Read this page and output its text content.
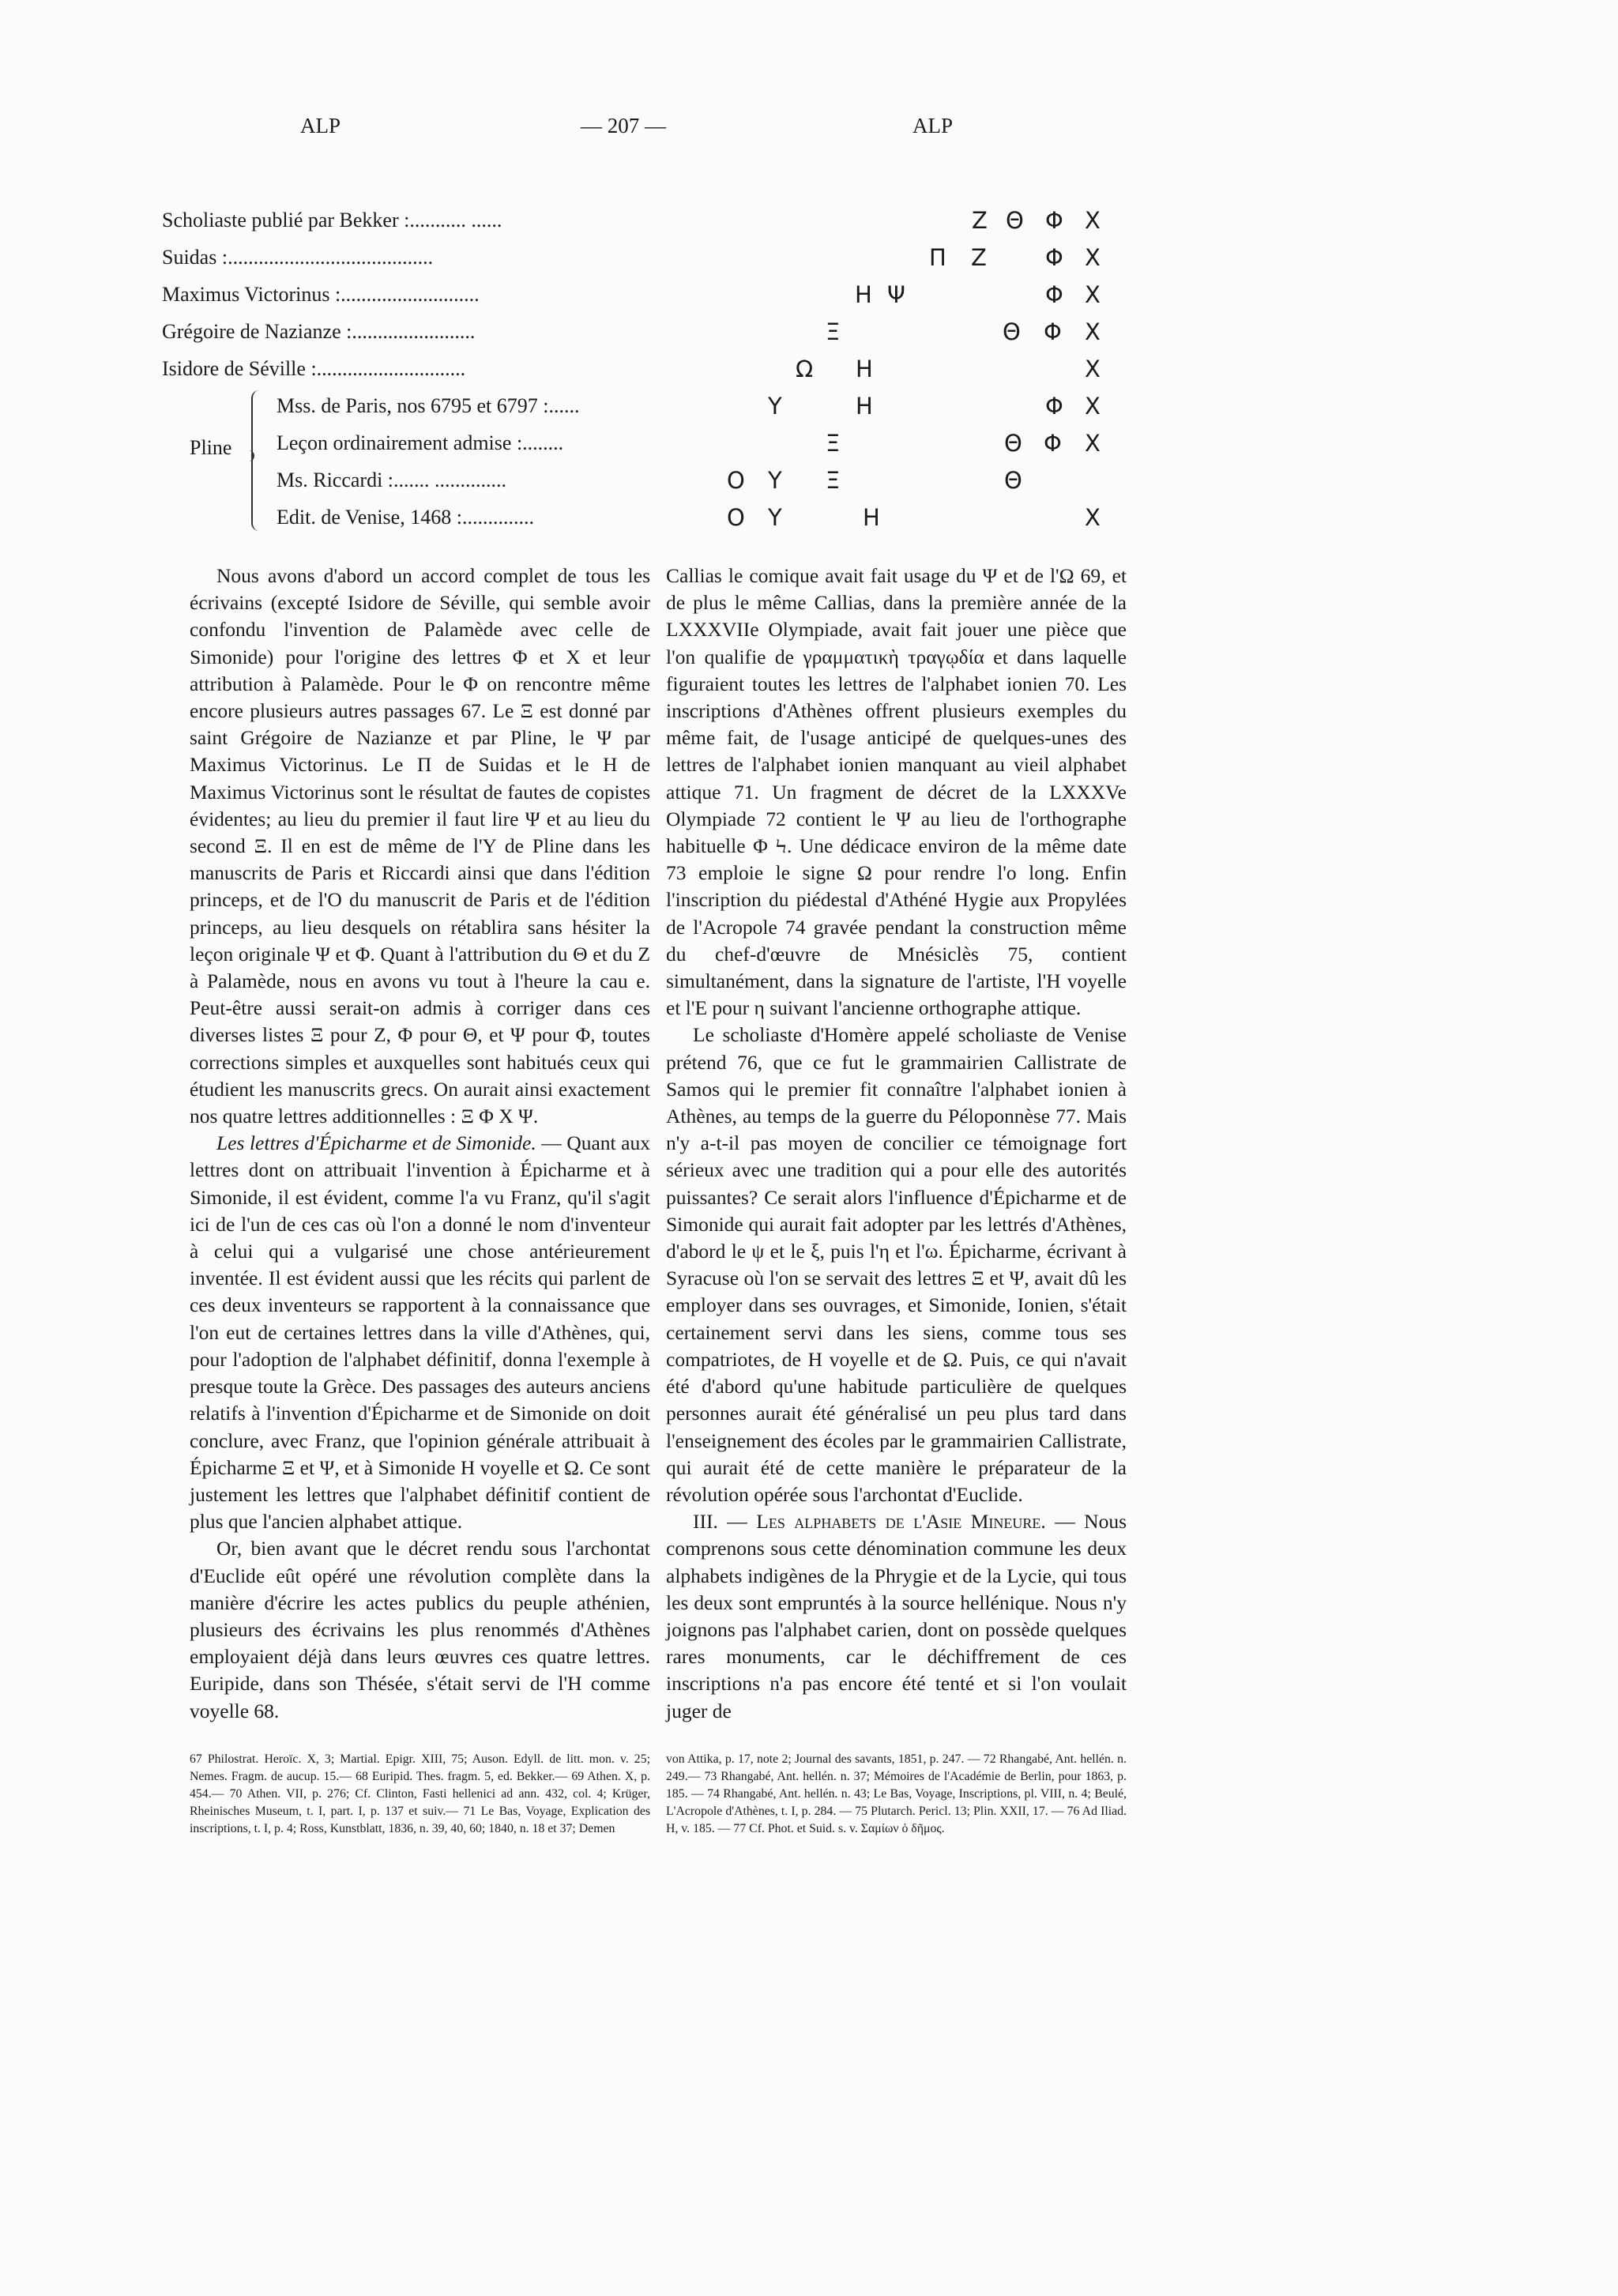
ALP	— 207 —	ALP
Scholiaste publié par Bekker :........... ......	Z Θ Φ X
Suidas :........................................	Π Z	Φ X
Maximus Victorinus :...........................	H Ψ	Φ X
Grégoire de Nazianze :........................	Ξ	Θ Φ X
Isidore de Séville :.............................	Ω H	X
Mss. de Paris, nos 6795 et 6797 :......	Y	H	Φ X
Leçon ordinairement admise :........	Ξ	Θ Φ X
Ms. Riccardi :....... ..............	O Y Ξ	Θ
Edit. de Venise, 1468 :..............	O Y	H	X
Pline

Nous avons d'abord un accord complet de tous les écrivains (excepté Isidore de Séville, qui semble avoir confondu l'invention de Palamède avec celle de Simonide) pour l'origine des lettres Φ et X et leur attribution à Palamède. Pour le Φ on rencontre même encore plusieurs autres passages 67. Le Ξ est donné par saint Grégoire de Nazianze et par Pline, le Ψ par Maximus Victorinus. Le Π de Suidas et le H de Maximus Victorinus sont le résultat de fautes de copistes évidentes; au lieu du premier il faut lire Ψ et au lieu du second Ξ. Il en est de même de l'Y de Pline dans les manuscrits de Paris et Riccardi ainsi que dans l'édition princeps, et de l'O du manuscrit de Paris et de l'édition princeps, au lieu desquels on rétablira sans hésiter la leçon originale Ψ et Φ. Quant à l'attribution du Θ et du Z à Palamède, nous en avons vu tout à l'heure la cau e. Peut-être aussi serait-on admis à corriger dans ces diverses listes Ξ pour Z, Φ pour Θ, et Ψ pour Φ, toutes corrections simples et auxquelles sont habitués ceux qui étudient les manuscrits grecs. On aurait ainsi exactement nos quatre lettres additionnelles : Ξ Φ X Ψ.

Les lettres d'Épicharme et de Simonide. — Quant aux lettres dont on attribuait l'invention à Épicharme et à Simonide, il est évident, comme l'a vu Franz, qu'il s'agit ici de l'un de ces cas où l'on a donné le nom d'inventeur à celui qui a vulgarisé une chose antérieurement inventée. Il est évident aussi que les récits qui parlent de ces deux inventeurs se rapportent à la connaissance que l'on eut de certaines lettres dans la ville d'Athènes, qui, pour l'adoption de l'alphabet définitif, donna l'exemple à presque toute la Grèce. Des passages des auteurs anciens relatifs à l'invention d'Épicharme et de Simonide on doit conclure, avec Franz, que l'opinion générale attribuait à Épicharme Ξ et Ψ, et à Simonide H voyelle et Ω. Ce sont justement les lettres que l'alphabet définitif contient de plus que l'ancien alphabet attique.

Or, bien avant que le décret rendu sous l'archontat d'Euclide eût opéré une révolution complète dans la manière d'écrire les actes publics du peuple athénien, plusieurs des écrivains les plus renommés d'Athènes employaient déjà dans leurs œuvres ces quatre lettres. Euripide, dans son Thésée, s'était servi de l'H comme voyelle 68.

Callias le comique avait fait usage du Ψ et de l'Ω 69, et de plus le même Callias, dans la première année de la LXXXVIIe Olympiade, avait fait jouer une pièce que l'on qualifie de γραμματικὴ τραγῳδία et dans laquelle figuraient toutes les lettres de l'alphabet ionien 70. Les inscriptions d'Athènes offrent plusieurs exemples du même fait, de l'usage anticipé de quelques-unes des lettres de l'alphabet ionien manquant au vieil alphabet attique 71. Un fragment de décret de la LXXXVe Olympiade 72 contient le Ψ au lieu de l'orthographe habituelle Φ Ϟ. Une dédicace environ de la même date 73 emploie le signe Ω pour rendre l'o long. Enfin l'inscription du piédestal d'Athéné Hygie aux Propylées de l'Acropole 74 gravée pendant la construction même du chef-d'œuvre de Mnésiclès 75, contient simultanément, dans la signature de l'artiste, l'H voyelle et l'E pour η suivant l'ancienne orthographe attique.

Le scholiaste d'Homère appelé scholiaste de Venise prétend 76, que ce fut le grammairien Callistrate de Samos qui le premier fit connaître l'alphabet ionien à Athènes, au temps de la guerre du Péloponnèse 77. Mais n'y a-t-il pas moyen de concilier ce témoignage fort sérieux avec une tradition qui a pour elle des autorités puissantes? Ce serait alors l'influence d'Épicharme et de Simonide qui aurait fait adopter par les lettrés d'Athènes, d'abord le ψ et le ξ, puis l'η et l'ω. Épicharme, écrivant à Syracuse où l'on se servait des lettres Ξ et Ψ, avait dû les employer dans ses ouvrages, et Simonide, Ionien, s'était certainement servi dans les siens, comme tous ses compatriotes, de H voyelle et de Ω. Puis, ce qui n'avait été d'abord qu'une habitude particulière de quelques personnes aurait été généralisé un peu plus tard dans l'enseignement des écoles par le grammairien Callistrate, qui aurait été de cette manière le préparateur de la révolution opérée sous l'archontat d'Euclide.

III. — Les alphabets de l'Asie Mineure. — Nous comprenons sous cette dénomination commune les deux alphabets indigènes de la Phrygie et de la Lycie, qui tous les deux sont empruntés à la source hellénique. Nous n'y joignons pas l'alphabet carien, dont on possède quelques rares monuments, car le déchiffrement de ces inscriptions n'a pas encore été tenté et si l'on voulait juger de

67 Philostrat. Heroïc. X, 3; Martial. Epigr. XIII, 75; Auson. Edyll. de litt. mon. v. 25; Nemes. Fragm. de aucup. 15.— 68 Euripid. Thes. fragm. 5, ed. Bekker.— 69 Athen. X, p. 454.— 70 Athen. VII, p. 276; Cf. Clinton, Fasti hellenici ad ann. 432, col. 4; Krüger, Rheinisches Museum, t. I, part. I, p. 137 et suiv.— 71 Le Bas, Voyage, Explication des inscriptions, t. I, p. 4; Ross, Kunstblatt, 1836, n. 39, 40, 60; 1840, n. 18 et 37; Demen

von Attika, p. 17, note 2; Journal des savants, 1851, p. 247. — 72 Rhangabé, Ant. hellén. n. 249.— 73 Rhangabé, Ant. hellén. n. 37; Mémoires de l'Académie de Berlin, pour 1863, p. 185. — 74 Rhangabé, Ant. hellén. n. 43; Le Bas, Voyage, Inscriptions, pl. VIII, n. 4; Beulé, L'Acropole d'Athènes, t. I, p. 284. — 75 Plutarch. Pericl. 13; Plin. XXII, 17. — 76 Ad Iliad. H, v. 185. — 77 Cf. Phot. et Suid. s. v. Σαμίων ὁ δῆμος.
